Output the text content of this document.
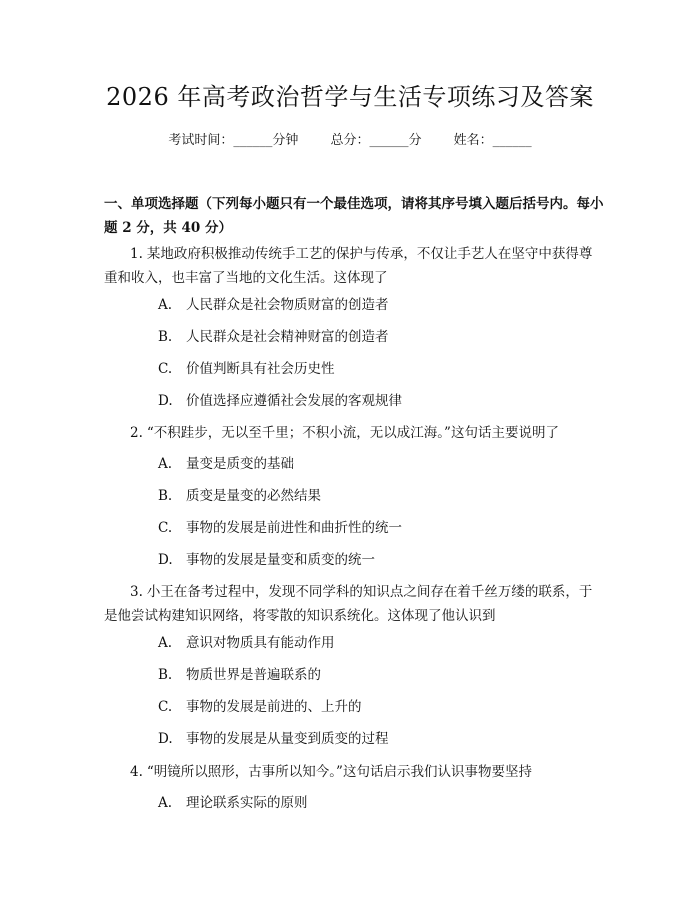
2026 年高考政治哲学与生活专项练习及答案
考试时间：______分钟 总分：______分 姓名：______
一、单项选择题（下列每小题只有一个最佳选项，请将其序号填入题后括号内。每小题 2 分，共 40 分）
1. 某地政府积极推动传统手工艺的保护与传承，不仅让手艺人在坚守中获得尊重和收入，也丰富了当地的文化生活。这体现了
A. 人民群众是社会物质财富的创造者
B. 人民群众是社会精神财富的创造者
C. 价值判断具有社会历史性
D. 价值选择应遵循社会发展的客观规律
2. “不积跬步，无以至千里；不积小流，无以成江海。”这句话主要说明了
A. 量变是质变的基础
B. 质变是量变的必然结果
C. 事物的发展是前进性和曲折性的统一
D. 事物的发展是量变和质变的统一
3. 小王在备考过程中，发现不同学科的知识点之间存在着千丝万缕的联系，于是他尝试构建知识网络，将零散的知识系统化。这体现了他认识到
A. 意识对物质具有能动作用
B. 物质世界是普遍联系的
C. 事物的发展是前进的、上升的
D. 事物的发展是从量变到质变的过程
4. “明镜所以照形，古事所以知今。”这句话启示我们认识事物要坚持
A. 理论联系实际的原则
